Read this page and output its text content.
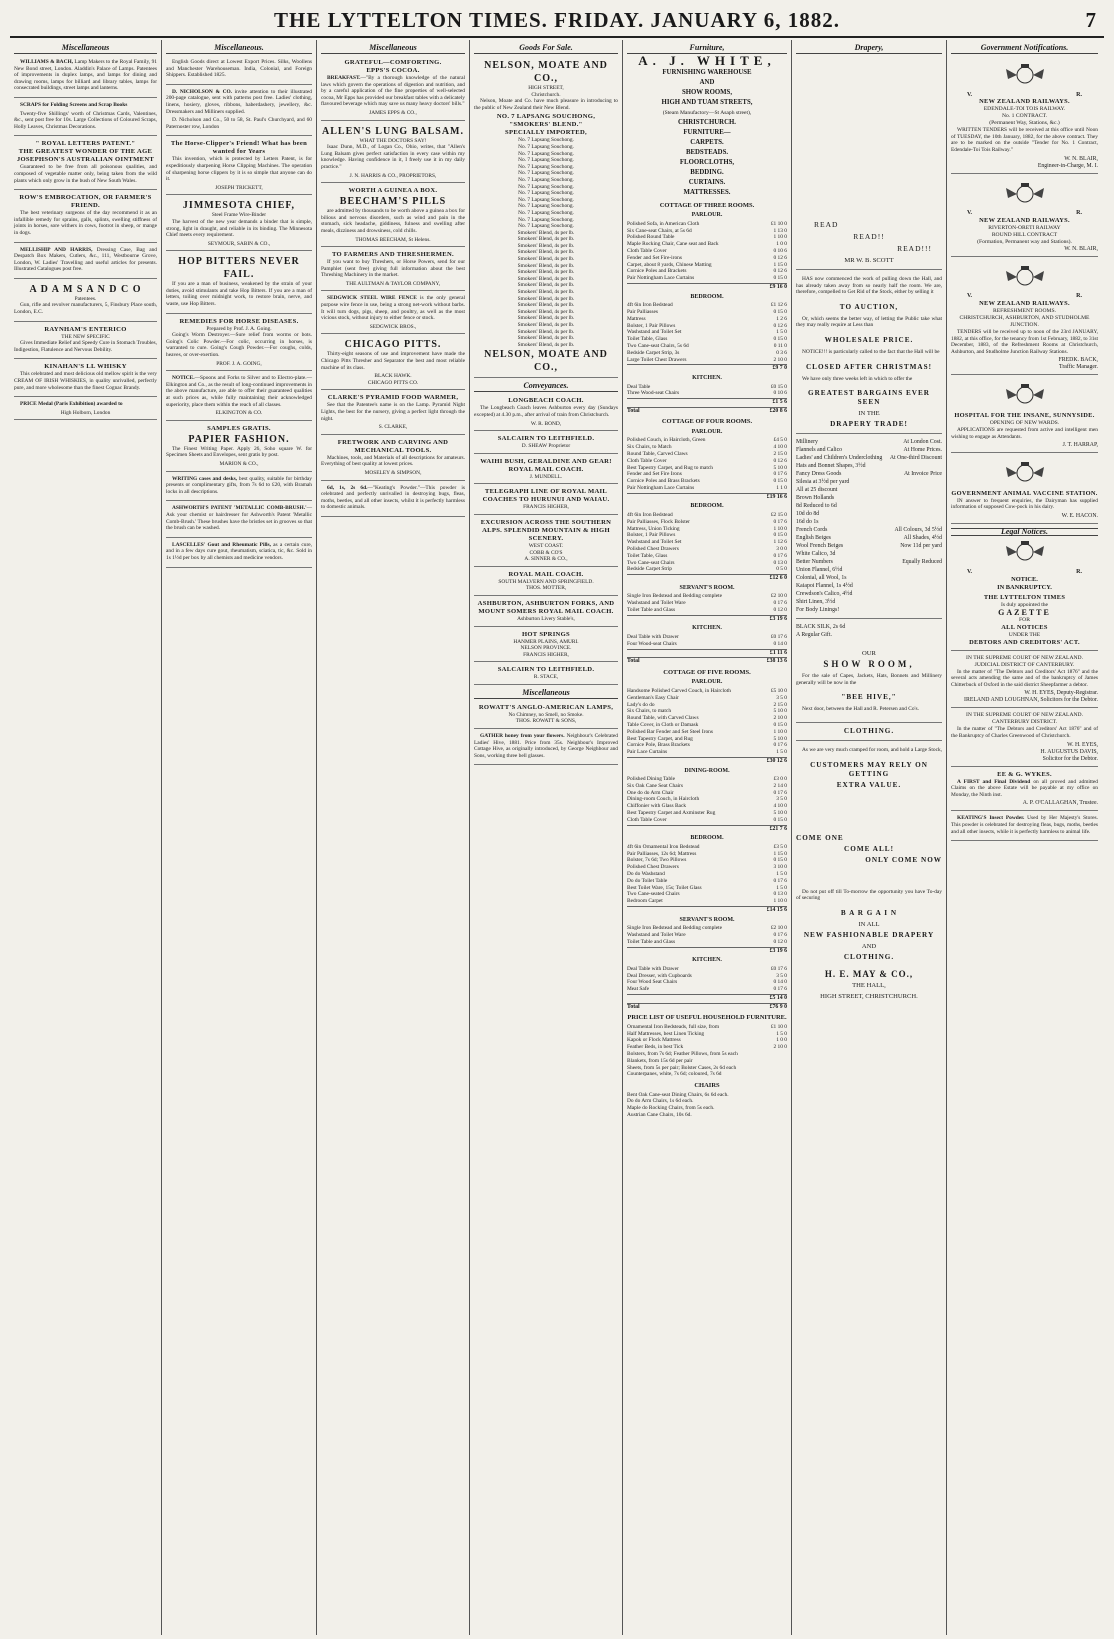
THE LYTTELTON TIMES. FRIDAY. JANUARY 6, 1882.	7
Miscellaneous

WILLIAMS & BACH, Lamp Makers to the Royal Family, 91 New Bond street, London. Aladdin's Palace of Lamps. Patentees of improvements in duplex lamps, and lamps for dining and drawing rooms, lamps for billiard and library tables, lamps for consecrated buildings, street lamps and lanterns.

SCRAPS for Folding Screens and Scrap Books

Twenty-five Shillings' worth of Christmas Cards, Valentines, &c., sent post free for 10s. Large Collections of Coloured Scraps, Holly Leaves, Christmas Decorations.

" ROYAL LETTERS PATENT."
THE GREATEST WONDER OF THE AGE
JOSEPHSON'S AUSTRALIAN OINTMENT

Guaranteed to be free from all poisonous qualities, and composed of vegetable matter only, being taken from the wild plants which only grow in the bush of New South Wales.

ROW'S EMBROCATION, OR FARMER'S FRIEND.

The best veterinary surgeons of the day recommend it as an infallible remedy for sprains, galls, splints, swelling stiffness of joints in horses, sore withers in cows, footrot in sheep, or mange in dogs.

MELLISHIP AND HARRIS, Dressing Case, Bag and Despatch Box Makers, Cutlers, &c., 111, Westbourne Grove, London, W. Ladies' Travelling and useful articles for presents. Illustrated Catalogues post free.

A D A M S A N D C O
Patentees.

Gun, rifle and revolver manufacturers, 5, Finsbury Place south, London, E.C.

RAYNHAM'S ENTERICO
THE NEW SPECIFIC

Gives Immediate Relief and Speedy Cure in Stomach Troubles, Indigestion, Flatulence and Nervous Debility.

KINAHAN'S LL WHISKY

This celebrated and most delicious old mellow spirit is the very CREAM OF IRISH WHISKIES, in quality unrivalled, perfectly pure, and more wholesome than the finest Cognac Brandy.

PRICE Medal (Paris Exhibition) awarded to

High Holborn, London
Miscellaneous.

English Goods direct at Lowest Export Prices. Silks, Woollens and Manchester Warehouseman. India, Colonial, and Foreign Shippers. Established 1825.

D. NICHOLSON & CO. invite attention to their illustrated 200-page catalogue, sent with patterns post free. Ladies' clothing, linens, hosiery, gloves, ribbons, haberdashery, jewellery, &c. Dressmakers and Milliners supplied.

D. Nicholson and Co., 50 to 58, St. Paul's Churchyard, and 60 Paternoster row, London

The Horse-Clipper's Friend! What has been wanted for Years

This invention, which is protected by Letters Patent, is for expeditiously sharpening Horse Clipping Machines. The operation of sharpening horse clippers by it is so simple that anyone can do it.

JOSEPH TRICKETT,
JIMMESOTA CHIEF,
Steel Frame Wire-Binder

The harvest of the new year demands a binder that is simple, strong, light in draught, and reliable in its binding. The Minnesota Chief meets every requirement.

SEYMOUR, SABIN & CO.,
HOP BITTERS NEVER FAIL.

If you are a man of business, weakened by the strain of your duties, avoid stimulants and take Hop Bitters. If you are a man of letters, toiling over midnight work, to restore brain, nerve, and waste, use Hop Bitters.

REMEDIES FOR HORSE DISEASES.
Prepared by Prof. J. A. Going.

Going's Worm Destroyer.—Sure relief from worms or bots. Going's Colic Powder.—For colic, occurring in horses, is warranted to cure. Going's Cough Powder.—For coughs, colds, heaves, or over-exertion.

PROF. J. A. GOING,

NOTICE.—Spoons and Forks to Silver and to Electro-plate.—Elkington and Co., as the result of long-continued improvements in the above manufacture, are able to offer their guaranteed qualities at such prices as, while fully maintaining their acknowledged superiority, place them within the reach of all classes.

ELKINGTON & CO.
SAMPLES GRATIS.
PAPIER FASHION.

The Finest Writing Paper. Apply 26, Soho square W. for Specimen Sheets and Envelopes, sent gratis by post.

MARION & CO.,

WRITING cases and desks, best quality, suitable for birthday presents or complimentary gifts, from 7s 6d to £20, with Bramah locks in all descriptions.

ASHWORTH'S PATENT 'METALLIC COMB-BRUSH.'—Ask your chemist or hairdresser for Ashworth's Patent 'Metallic Comb-Brush.' These brushes have the bristles set in grooves so that the brush can be washed.

LASCELLES' Gout and Rheumatic Pills, as a certain cure, and in a few days cure gout, rheumatism, sciatica, tic, &c. Sold in 1s 1½d per box by all chemists and medicine vendors.

Miscellaneous
GRATEFUL—COMFORTING.
EPPS'S COCOA.

BREAKFAST.—"By a thorough knowledge of the natural laws which govern the operations of digestion and nutrition, and by a careful application of the fine properties of well-selected cocoa, Mr Epps has provided our breakfast tables with a delicately flavoured beverage which may save us many heavy doctors' bills."

JAMES EPPS & CO.,
ALLEN'S LUNG BALSAM.
WHAT THE DOCTORS SAY!

Isaac Dunn, M.D., of Logan Co., Ohio, writes, that "Allen's Lung Balsam gives perfect satisfaction in every case within my knowledge. Having confidence in it, I freely use it in my daily practice."

J. N. HARRIS & CO., PROPRIETORS,
WORTH A GUINEA A BOX.
BEECHAM'S PILLS

are admitted by thousands to be worth above a guinea a box for bilious and nervous disorders, such as wind and pain in the stomach, sick headache, giddiness, fulness and swelling after meals, dizziness and drowsiness, cold chills.

THOMAS BEECHAM, St Helens.
TO FARMERS AND THRESHERMEN.

If you want to buy Threshers, or Horse Powers, send for our Pamphlet (sent free) giving full information about the best Threshing Machinery in the market.

THE AULTMAN & TAYLOR COMPANY,

SEDGWICK STEEL WIRE FENCE is the only general purpose wire fence in use, being a strong net-work without barbs. It will turn dogs, pigs, sheep, and poultry, as well as the most vicious stock, without injury to either fence or stock.

SEDGWICK BROS.,
CHICAGO PITTS.

Thirty-eight seasons of use and improvement have made the Chicago Pitts Thresher and Separator the best and most reliable machine of its class.

BLACK HAWK.
CHICAGO PITTS CO.
CLARKE'S PYRAMID FOOD WARMER,

See that the Patentee's name is on the Lamp. Pyramid Night Lights, the best for the nursery, giving a perfect light through the night.

S. CLARKE,
FRETWORK AND CARVING AND MECHANICAL TOOLS.

Machines, tools, and Materials of all descriptions for amateurs. Everything of best quality at lowest prices.

MOSELEY & SIMPSON,

6d, 1s, 2s 6d.—"Keating's Powder."—This powder is celebrated and perfectly unrivalled in destroying bugs, fleas, moths, beetles, and all other insects, whilst it is perfectly harmless to domestic animals.

Goods For Sale.
NELSON, MOATE AND CO.,
HIGH STREET,
Christchurch.

Nelson, Moate and Co. have much pleasure in introducing to the public of New Zealand their New Blend.

NO. 7 LAPSANG SOUCHONG,
"SMOKERS' BLEND."
SPECIALLY IMPORTED,
No. 7 Lapsang Souchong.
No. 7 Lapsang Souchong.
No. 7 Lapsang Souchong.
No. 7 Lapsang Souchong.
No. 7 Lapsang Souchong.
No. 7 Lapsang Souchong.
No. 7 Lapsang Souchong.
No. 7 Lapsang Souchong.
No. 7 Lapsang Souchong.
No. 7 Lapsang Souchong.
No. 7 Lapsang Souchong.
No. 7 Lapsang Souchong.
No. 7 Lapsang Souchong.
No. 7 Lapsang Souchong.
Smokers' Blend, 4s per lb.
Smokers' Blend, 4s per lb.
Smokers' Blend, 4s per lb.
Smokers' Blend, 4s per lb.
Smokers' Blend, 4s per lb.
Smokers' Blend, 4s per lb.
Smokers' Blend, 4s per lb.
Smokers' Blend, 4s per lb.
Smokers' Blend, 4s per lb.
Smokers' Blend, 4s per lb.
Smokers' Blend, 4s per lb.
Smokers' Blend, 4s per lb.
Smokers' Blend, 4s per lb.
Smokers' Blend, 4s per lb.
Smokers' Blend, 4s per lb.
Smokers' Blend, 4s per lb.
Smokers' Blend, 4s per lb.
Smokers' Blend, 4s per lb.
NELSON, MOATE AND CO.,
Conveyances.
LONGBEACH COACH.

The Longbeach Coach leaves Ashburton every day (Sundays excepted) at 4.30 p.m., after arrival of train from Christchurch.

W. R. BOND,
SALCAIRN TO LEITHFIELD.
D. SHEAW Proprietor
WAIHI BUSH, GERALDINE AND GEAR! ROYAL MAIL COACH.
J. MUNDELL.
TELEGRAPH LINE OF ROYAL MAIL COACHES TO HURUNUI AND WAIAU.
FRANCIS HIGHER,
EXCURSION ACROSS THE SOUTHERN ALPS. SPLENDID MOUNTAIN & HIGH SCENERY.
WEST COAST.
COBB & CO'S
A. SINNER & CO.,
ROYAL MAIL COACH.
SOUTH MALVERN AND SPRINGFIELD.
THOS. MOTTER,
ASHBURTON, ASHBURTON FORKS, AND MOUNT SOMERS ROYAL MAIL COACH.
Ashburton Livery Stable's,
HOT SPRINGS
HANMER PLAINS, AMURI.
NELSON PROVINCE.
FRANCIS HIGHER,
SALCAIRN TO LEITHFIELD.
R. STACE,
Miscellaneous
ROWATT'S ANGLO-AMERICAN LAMPS,
No Chimney, no Smell, no Smoke.
THOS. ROWATT & SONS,

GATHER honey from your flowers. Neighbour's Celebrated Ladies' Hive, 1881. Price from 35s. Neighbour's Improved Cottage Hive, as originally introduced, by George Neighbour and Sons, working three bell glasses.

Furniture,
A. J. WHITE,
FURNISHING WAREHOUSE
AND
SHOW ROOMS,
HIGH AND TUAM STREETS,
(Steam Manufactory—St Asaph street),
CHRISTCHURCH.
FURNITURE—
CARPETS.
BEDSTEADS.
FLOORCLOTHS,
BEDDING.
CURTAINS.
MATTRESSES.
COTTAGE OF THREE ROOMS.
PARLOUR.
Polished Sofa, in American Cloth	£1 10 0
Six Cane-seat Chairs, at 5s 6d	1 13 0
Polished Round Table	1 10 0
Maple Rocking Chair, Cane seat and Back	1 0 0
Cloth Table Cover	0 10 6
Fender and Set Fire-irons	0 12 6
Carpet, about 8 yards, Chinese Matting	1 15 0
Cornice Poles and Brackets	0 12 6
Pair Nottingham Lace Curtains	0 15 0
£9 16 0
BEDROOM.
4ft 6in Iron Bedstead	£1 12 6
Pair Palliasses	0 15 0
Mattress	1 2 6
Bolster, 1 Pair Pillows	0 12 6
Washstand and Toilet Set	1 5 0
Toilet Table, Glass	0 15 0
Two Cane-seat Chairs, 5s 6d	0 11 0
Bedside Carpet Strip, 3s	0 3 6
Large Toilet Chest Drawers	2 10 0
£9 7 0
KITCHEN.
Deal Table	£0 15 0
Three Wood-seat Chairs	0 10 6
£1 5 6
Total	£20 8 6
COTTAGE OF FOUR ROOMS.
PARLOUR.
Polished Couch, in Haircloth, Green	£4 5 0
Six Chairs, to Match	4 10 0
Round Table, Carved Claws	2 15 0
Cloth Table Cover	0 12 6
Best Tapestry Carpet, and Rug to match	5 10 0
Fender and Set Fire Irons	0 17 6
Cornice Poles and Brass Brackets	0 15 0
Pair Nottingham Lace Curtains	1 1 0
£19 16 6
BEDROOM.
4ft 6in Iron Bedstead	£2 15 0
Pair Palliasses, Flock Bolster	0 17 6
Mattress, Union Ticking	1 10 0
Bolster, 1 Pair Pillows	0 15 0
Washstand and Toilet Set	1 12 6
Polished Chest Drawers	3 0 0
Toilet Table, Glass	0 17 6
Two Cane-seat Chairs	0 13 0
Bedside Carpet Strip	0 5 0
£12 6 0
SERVANT'S ROOM.
Single Iron Bedstead and Bedding complete	£2 10 0
Washstand and Toilet Ware	0 17 6
Toilet Table and Glass	0 12 0
£3 19 6
KITCHEN.
Deal Table with Drawer	£0 17 6
Four Wood-seat Chairs	0 14 0
£1 11 6
Total	£38 13 6
COTTAGE OF FIVE ROOMS.
PARLOUR.
Handsome Polished Carved Couch, in Haircloth	£5 10 0
Gentleman's Easy Chair	3 5 0
Lady's do do	2 15 0
Six Chairs, to match	5 10 0
Round Table, with Carved Claws	2 10 0
Table Cover, in Cloth or Damask	0 15 0
Polished Bar Fender and Set Steel Irons	1 10 0
Best Tapestry Carpet, and Rug	5 10 0
Cornice Pole, Brass Brackets	0 17 6
Pair Lace Curtains	1 5 0
£30 12 6
DINING-ROOM.
Polished Dining Table	£3 0 0
Six Oak Cane Seat Chairs	2 14 0
One do do Arm Chair	0 17 6
Dining-room Couch, in Haircloth	3 5 0
Chiffonier with Glass Back	4 10 0
Best Tapestry Carpet and Axminster Rug	5 10 0
Cloth Table Cover	0 15 0
£21 7 6
BEDROOM.
4ft 6in Ornamental Iron Bedstead	£3 5 0
Pair Palliasses, 12s 6d; Mattress	1 15 0
Bolster, 7s 6d; Two Pillows	0 15 0
Polished Chest Drawers	3 10 0
Do do Washstand	1 5 0
Do do Toilet Table	0 17 6
Best Toilet Ware, 15s; Toilet Glass	1 5 0
Two Cane-seated Chairs	0 13 0
Bedroom Carpet	1 10 0
£14 15 6
SERVANT'S ROOM.
Single Iron Bedstead and Bedding complete	£2 10 0
Washstand and Toilet Ware	0 17 6
Toilet Table and Glass	0 12 0
£3 19 6
KITCHEN.
Deal Table with Drawer	£0 17 6
Deal Dresser, with Cupboards	3 5 0
Four Wood Seat Chairs	0 14 0
Meat Safe	0 17 6
£5 14 0
Total	£76 9 0
PRICE LIST OF USEFUL HOUSEHOLD FURNITURE.
Ornamental Iron Bedsteads, full size, from	£1 10 0
Half Mattresses, best Linen Ticking	1 5 0
Kapok or Flock Mattress	1 0 0
Feather Beds, in best Tick	2 10 0
Bolsters, from 7s 6d; Feather Pillows, from 5s each
Blankets, from 15s 6d per pair
Sheets, from 5s per pair; Bolster Cases, 2s 6d each
Counterpanes, white, 7s 6d; coloured, 7s 6d
CHAIRS
Bent Oak Cane-seat Dining Chairs, 6s 6d each.
Do do Arm Chairs, 1s 6d each.
Maple do Rocking Chairs, from 5s each.
Austrian Cane Chairs, 10s 6d.
Drapery,
READ
READ!!
READ!!!
MR W. B. SCOTT

HAS now commenced the work of pulling down the Hall, and has already taken away from so nearly half the room. We are, therefore, compelled to Get Rid of the Stock, either by selling it

TO AUCTION,

Or, which seems the better way, of letting the Public take what they may really require at Less than

WHOLESALE PRICE.

NOTICE!!! is particularly called to the fact that the Hall will be

CLOSED AFTER CHRISTMAS!

We have only three weeks left in which to offer the

GREATEST BARGAINS EVER SEEN
IN THE
DRAPERY TRADE!
Millinery	At London Cost.
Flannels and Calico	At Home Prices.
Ladies' and Children's Underclothing At One-third Discount
Hats and Bonnet Shapes, 3½d
Fancy Dress Goods	At Invoice Price
Silesia at 3½d per yard
All at 25 discount
Brown Hollands
8d Reduced to 6d
10d do 8d
16d do 1s
French Cords	All Colours, 3d 5½d
English Beiges	All Shades, 4½d
Wool French Beiges	Now 11d per yard
White Calico, 3d
Better Numbers	Equally Reduced
Union Flannel, 6½d
Colonial, all Wool, 1s
Kaiapoi Flannel, 1s 4½d
Crewdson's Calico, 4½d
Shirt Linen, 3½d
For Body Linings!
BLACK SILK, 2s 6d
A Regular Gift.
OUR
SHOW ROOM,

For the sale of Capes, Jackets, Hats, Bonnets and Millinery generally will be now in the

"BEE HIVE,"

Next door, between the Hall and R. Petersen and Co's.

CLOTHING.

As we are very much cramped for room, and hold a Large Stock,

CUSTOMERS MAY RELY ON GETTING
EXTRA VALUE.
COME ONE
COME ALL!
ONLY COME NOW

Do not put off till To-morrow the opportunity you have To-day of securing

B A R G A I N
IN ALL
NEW FASHIONABLE DRAPERY
AND
CLOTHING.
H. E. MAY & CO.,
THE HALL,
HIGH STREET, CHRISTCHURCH.
Government Notifications.
V.	R.
NEW ZEALAND RAILWAYS.
EDENDALE-TOI TOIS RAILWAY.
No. 1 CONTRACT.
(Permanent Way, Stations, &c.)

WRITTEN TENDERS will be received at this office until Noon of TUESDAY, the 10th January, 1882, for the above contract. They are to be marked on the outside "Tender for No. 1 Contract, Edendale-Toi Tois Railway."

W. N. BLAIR,
Engineer-in-Charge, M. I.
V.	R.
NEW ZEALAND RAILWAYS.
RIVERTON-ORETI RAILWAY
ROUND HILL CONTRACT
(Formation, Permanent way and Stations).
W. N. BLAIR,
V.	R.
NEW ZEALAND RAILWAYS.
REFRESHMENT ROOMS.
CHRISTCHURCH, ASHBURTON, AND STUDHOLME JUNCTION.

TENDERS will be received up to noon of the 23rd JANUARY, 1882, at this office, for the tenancy from 1st February, 1882, to 31st December, 1883, of the Refreshment Rooms at Christchurch, Ashburton, and Studholme Junction Railway Stations.

FREDK. BACK,
Traffic Manager.
HOSPITAL FOR THE INSANE, SUNNYSIDE.
OPENING OF NEW WARDS.

APPLICATIONS are requested from active and intelligent men wishing to engage as Attendants.

J. T. HARRAP,
GOVERNMENT ANIMAL VACCINE STATION.

IN answer to frequent enquiries, the Dairyman has supplied information of supposed Cow-pock in his dairy.

W. E. HACON.
Legal Notices.
V.	R.
NOTICE.
IN BANKRUPTCY.
THE LYTTELTON TIMES
Is duly appointed the
GAZETTE
FOR
ALL NOTICES
UNDER THE
DEBTORS AND CREDITORS' ACT.
IN THE SUPREME COURT OF NEW ZEALAND.
JUDICIAL DISTRICT OF CANTERBURY.

In the matter of "The Debtors and Creditors' Act 1876" and the several acts amending the same and of the bankruptcy of James Chitterbuck of Oxford in the said district Sheepfarmer a debtor.

W. H. EYES, Deputy-Registrar.
IRELAND AND LOUGHNAN, Solicitors for the Debtor.
IN THE SUPREME COURT OF NEW ZEALAND.
CANTERBURY DISTRICT.

In the matter of "The Debtors and Creditors' Act 1876" and of the Bankruptcy of Charles Greenwood of Christchurch.

W. H. EYES,
H. AUGUSTUS DAVIS,
Solicitor for the Debtor.
EE & G. WYKES.

A FIRST and Final Dividend on all proved and admitted Claims on the above Estate will be payable at my office on Monday, the Ninth inst.

A. P. O'CALLAGHAN, Trustee.

KEATING'S Insect Powder. Used by Her Majesty's Stores. This powder is celebrated for destroying fleas, bugs, moths, beetles and all other insects, while it is perfectly harmless to animal life.
